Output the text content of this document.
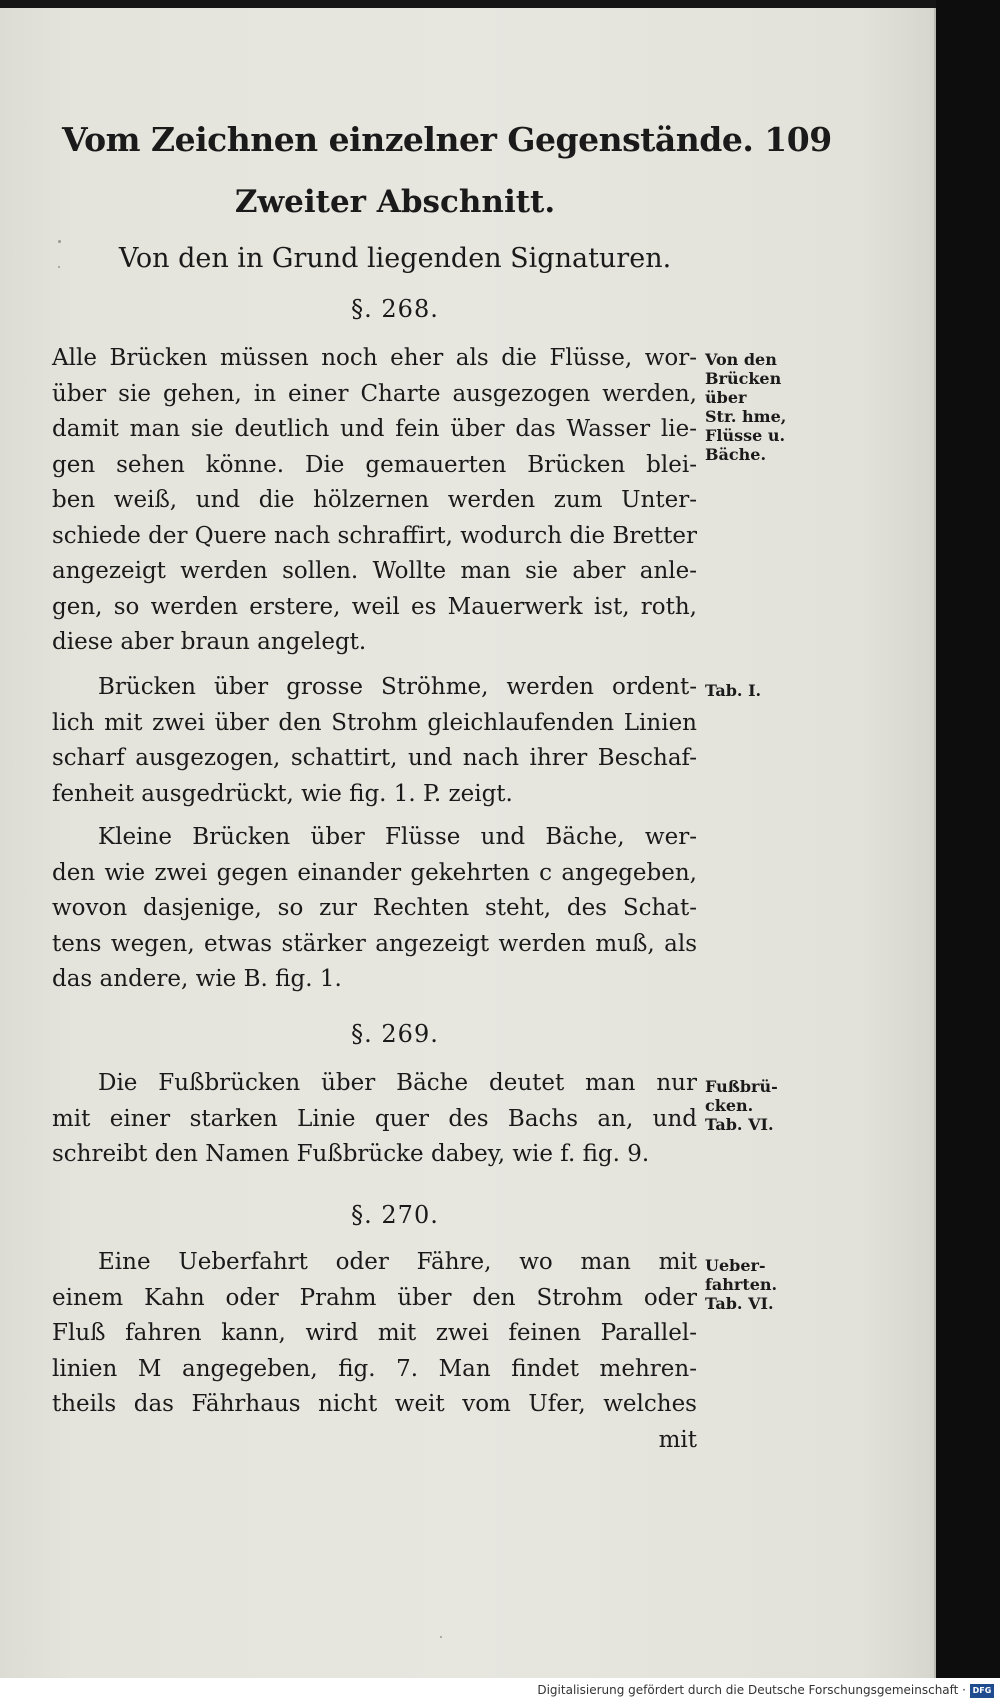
Vom Zeichnen einzelner Gegenstände. 109
Zweiter Abschnitt.
Von den in Grund liegenden Signaturen.
§. 268.
Alle Brücken müssen noch eher als die Flüsse, wor-
über sie gehen, in einer Charte ausgezogen werden,
damit man sie deutlich und fein über das Wasser lie-
gen sehen könne. Die gemauerten Brücken blei-
ben weiß, und die hölzernen werden zum Unter-
schiede der Quere nach schraffirt, wodurch die Bretter
angezeigt werden sollen. Wollte man sie aber anle-
gen, so werden erstere, weil es Mauerwerk ist, roth,
diese aber braun angelegt.
Brücken über grosse Ströhme, werden ordent-
lich mit zwei über den Strohm gleichlaufenden Linien
scharf ausgezogen, schattirt, und nach ihrer Beschaf-
fenheit ausgedrückt, wie fig. 1. P. zeigt.
Kleine Brücken über Flüsse und Bäche, wer-
den wie zwei gegen einander gekehrten c angegeben,
wovon dasjenige, so zur Rechten steht, des Schat-
tens wegen, etwas stärker angezeigt werden muß, als
das andere, wie B. fig. 1.
§. 269.
Die Fußbrücken über Bäche deutet man nur
mit einer starken Linie quer des Bachs an, und
schreibt den Namen Fußbrücke dabey, wie f. fig. 9.
§. 270.
Eine Ueberfahrt oder Fähre, wo man mit
einem Kahn oder Prahm über den Strohm oder
Fluß fahren kann, wird mit zwei feinen Parallel-
linien M angegeben, fig. 7. Man findet mehren-
theils das Fährhaus nicht weit vom Ufer, welches
mit
Von den
Brücken
über
Str. hme,
Flüsse u.
Bäche.
Tab. I.
Fußbrü-
cken.
Tab. VI.
Ueber-
fahrten.
Tab. VI.
Digitalisierung gefördert durch die Deutsche Forschungsgemeinschaft · DFG
